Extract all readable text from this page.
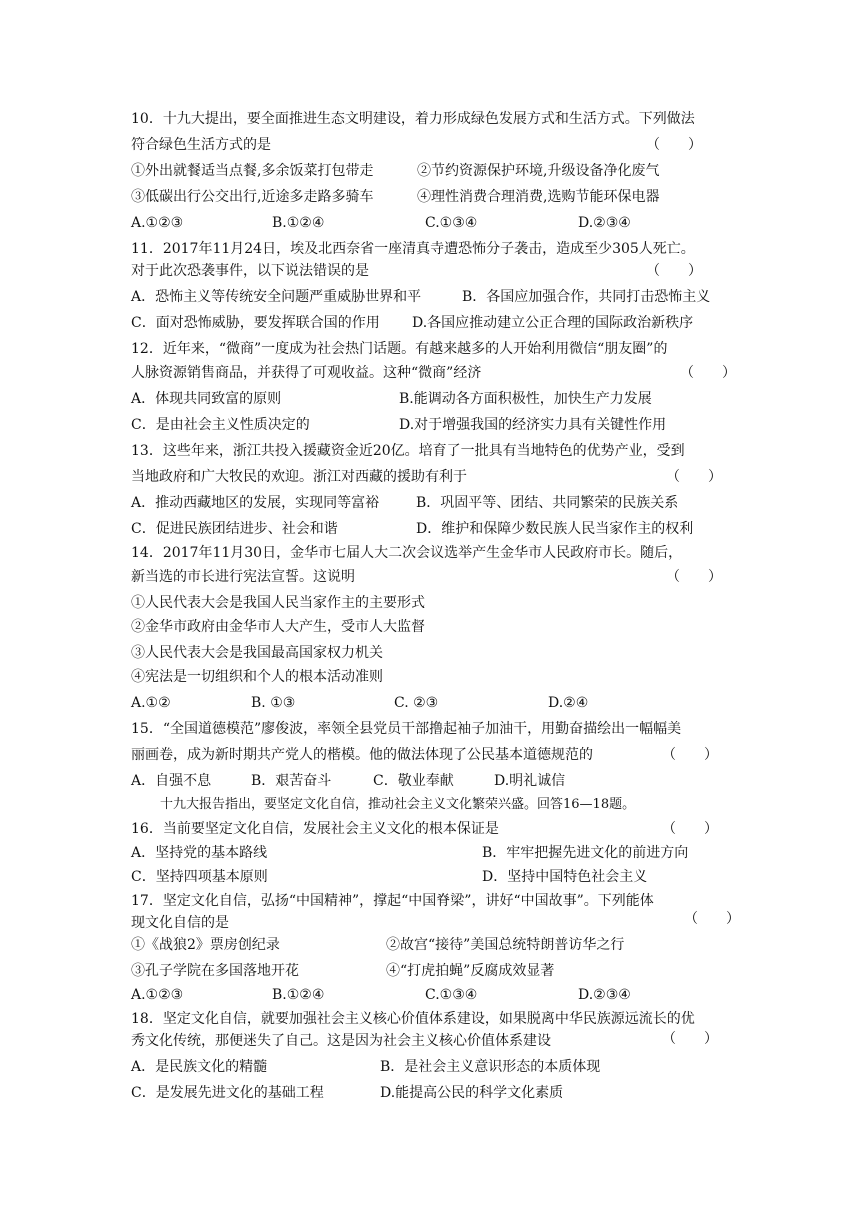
10．十九大提出，要全面推进生态文明建设，着力形成绿色发展方式和生活方式。下列做法
符合绿色生活方式的是	（　　）
①外出就餐适当点餐,多余饭菜打包带走	②节约资源保护环境,升级设备净化废气
③低碳出行公交出行,近途多走路多骑车	④理性消费合理消费,选购节能环保电器
A.①②③	B.①②④	C.①③④	D.②③④
11．2017年11月24日，埃及北西奈省一座清真寺遭恐怖分子袭击，造成至少305人死亡。
对于此次恐袭事件，以下说法错误的是	（　　）
A．恐怖主义等传统安全问题严重威胁世界和平	B．各国应加强合作，共同打击恐怖主义
C．面对恐怖威胁，要发挥联合国的作用 D.各国应推动建立公正合理的国际政治新秩序
12．近年来，“微商”一度成为社会热门话题。有越来越多的人开始利用微信“朋友圈”的
人脉资源销售商品，并获得了可观收益。这种“微商”经济	（　　）
A．体现共同致富的原则	B.能调动各方面积极性，加快生产力发展
C．是由社会主义性质决定的	D.对于增强我国的经济实力具有关键性作用
13．这些年来，浙江共投入援藏资金近20亿。培育了一批具有当地特色的优势产业，受到
当地政府和广大牧民的欢迎。浙江对西藏的援助有利于	（　　）
A．推动西藏地区的发展，实现同等富裕	B．巩固平等、团结、共同繁荣的民族关系
C．促进民族团结进步、社会和谐	D．维护和保障少数民族人民当家作主的权利
14．2017年11月30日，金华市七届人大二次会议选举产生金华市人民政府市长。随后，
新当选的市长进行宪法宣誓。这说明	（　　）
①人民代表大会是我国人民当家作主的主要形式
②金华市政府由金华市人大产生，受市人大监督
③人民代表大会是我国最高国家权力机关
④宪法是一切组织和个人的根本活动准则
A.①②	B. ①③	C. ②③	D.②④
15．“全国道德模范”廖俊波，率领全县党员干部撸起袖子加油干，用勤奋描绘出一幅幅美
丽画卷，成为新时期共产党人的楷模。他的做法体现了公民基本道德规范的	（　　）
A．自强不息	B．艰苦奋斗	C．敬业奉献	D.明礼诚信
十九大报告指出，要坚定文化自信，推动社会主义文化繁荣兴盛。回答16—18题。
16．当前要坚定文化自信，发展社会主义文化的根本保证是	（　　）
A．坚持党的基本路线	B．牢牢把握先进文化的前进方向
C．坚持四项基本原则	D．坚持中国特色社会主义
17．坚定文化自信，弘扬“中国精神”，撑起“中国脊梁”，讲好“中国故事”。下列能体
现文化自信的是	（　　）
①《战狼2》票房创纪录	②故宫“接待”美国总统特朗普访华之行
③孔子学院在多国落地开花	④“打虎拍蝇”反腐成效显著
A.①②③	B.①②④	C.①③④	D.②③④
18．坚定文化自信，就要加强社会主义核心价值体系建设，如果脱离中华民族源远流长的优
秀文化传统，那便迷失了自己。这是因为社会主义核心价值体系建设	（　　）
A．是民族文化的精髓	B．是社会主义意识形态的本质体现
C．是发展先进文化的基础工程	D.能提高公民的科学文化素质
